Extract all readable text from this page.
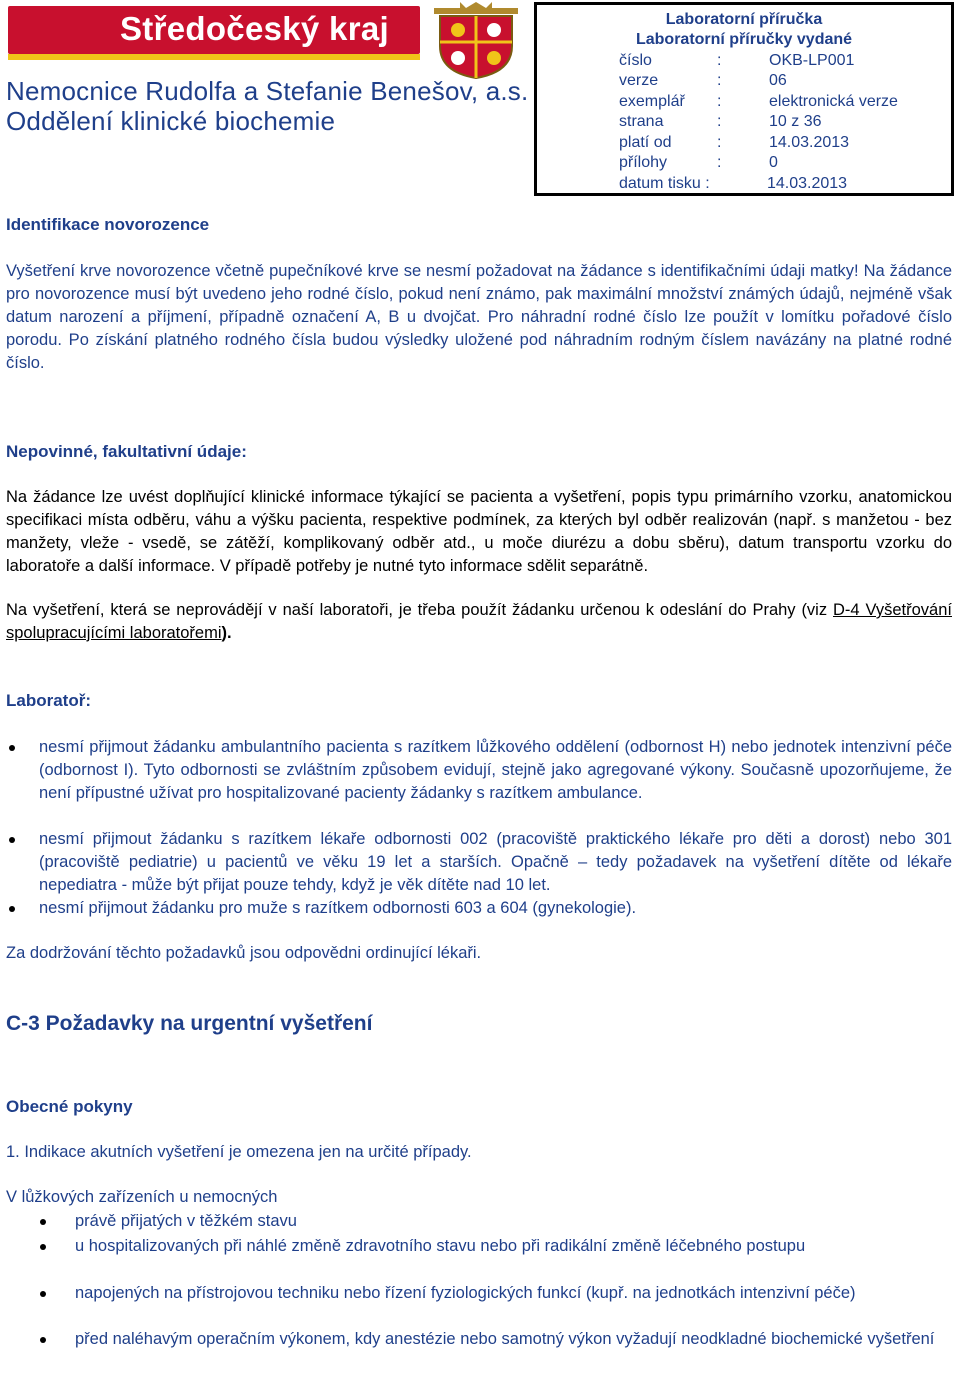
Středočeský kraj
Nemocnice Rudolfa a Stefanie Benešov, a.s.
Oddělení klinické biochemie
Laboratorní příručka
Laboratorní příručky vydané
číslo	:	OKB-LP001
verze	:	06
exemplář :	elektronická verze
strana	:	10 z 36
platí od	:	14.03.2013
přílohy	:	0
datum tisku :	14.03.2013
Identifikace novorozence
Vyšetření krve novorozence včetně pupečníkové krve se nesmí požadovat na žádance s identifikačními údaji matky! Na žádance pro novorozence musí být uvedeno jeho rodné číslo, pokud není známo, pak maximální množství známých údajů, nejméně však datum narození a příjmení, případně označení A, B u dvojčat. Pro náhradní rodné číslo lze použít v lomítku pořadové číslo porodu. Po získání platného rodného čísla budou výsledky uložené pod náhradním rodným číslem navázány na platné rodné číslo.
Nepovinné, fakultativní údaje:
Na žádance lze uvést doplňující klinické informace týkající se pacienta a vyšetření, popis typu primárního vzorku, anatomickou specifikaci místa odběru, váhu a výšku pacienta, respektive podmínek, za kterých byl odběr realizován (např. s manžetou - bez manžety, vleže - vsedě, se zátěží, komplikovaný odběr atd., u moče diurézu a dobu sběru), datum transportu vzorku do laboratoře a další informace. V případě potřeby je nutné tyto informace sdělit separátně.
Na vyšetření, která se neprovádějí v naší laboratoři, je třeba použít žádanku určenou k odeslání do Prahy (viz D-4 Vyšetřování spolupracujícími laboratořemi).
Laboratoř:
nesmí přijmout žádanku ambulantního pacienta s razítkem lůžkového oddělení (odbornost H) nebo jednotek intenzivní péče (odbornost I). Tyto odbornosti se zvláštním způsobem evidují, stejně jako agregované výkony. Současně upozorňujeme, že není přípustné užívat pro hospitalizované pacienty žádanky s razítkem ambulance.
nesmí přijmout žádanku s razítkem lékaře odbornosti 002 (pracoviště praktického lékaře pro děti a dorost) nebo 301 (pracoviště pediatrie) u pacientů ve věku 19 let a starších. Opačně – tedy požadavek na vyšetření dítěte od lékaře nepediatra - může být přijat pouze tehdy, když je věk dítěte nad 10 let.
nesmí přijmout žádanku pro muže s razítkem odbornosti 603 a 604 (gynekologie).
Za dodržování těchto požadavků jsou odpovědni ordinující lékaři.
C-3 Požadavky na urgentní vyšetření
Obecné pokyny
1. Indikace akutních vyšetření je omezena jen na určité případy.
V lůžkových zařízeních u nemocných
právě přijatých v těžkém stavu
u hospitalizovaných při náhlé změně zdravotního stavu nebo při radikální změně léčebného postupu
napojených na přístrojovou techniku nebo řízení fyziologických funkcí (kupř. na jednotkách intenzivní péče)
před naléhavým operačním výkonem, kdy anestézie nebo samotný výkon vyžadují neodkladné biochemické vyšetření
